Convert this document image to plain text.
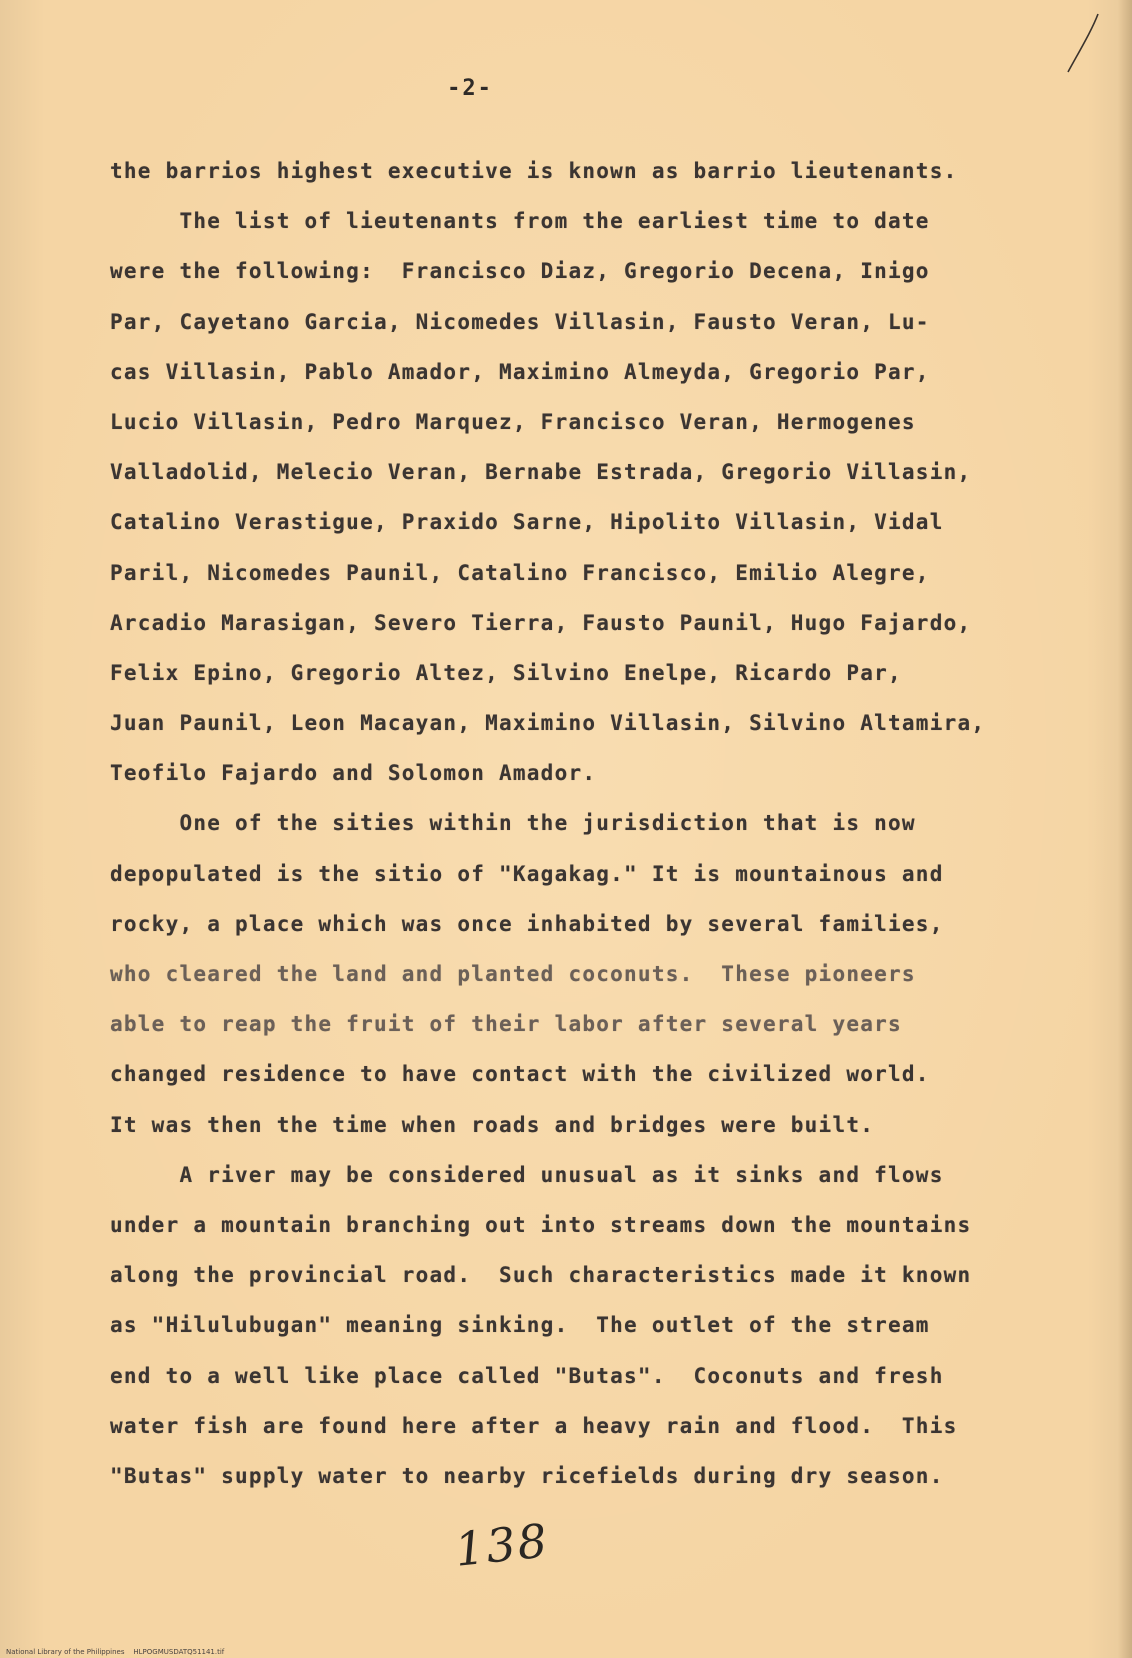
-2-
the barrios highest executive is known as barrio lieutenants.
The list of lieutenants from the earliest time to date
were the following:  Francisco Diaz, Gregorio Decena, Inigo
Par, Cayetano Garcia, Nicomedes Villasin, Fausto Veran, Lu-
cas Villasin, Pablo Amador, Maximino Almeyda, Gregorio Par,
Lucio Villasin, Pedro Marquez, Francisco Veran, Hermogenes
Valladolid, Melecio Veran, Bernabe Estrada, Gregorio Villasin,
Catalino Verastigue, Praxido Sarne, Hipolito Villasin, Vidal
Paril, Nicomedes Paunil, Catalino Francisco, Emilio Alegre,
Arcadio Marasigan, Severo Tierra, Fausto Paunil, Hugo Fajardo,
Felix Epino, Gregorio Altez, Silvino Enelpe, Ricardo Par,
Juan Paunil, Leon Macayan, Maximino Villasin, Silvino Altamira,
Teofilo Fajardo and Solomon Amador.
One of the sities within the jurisdiction that is now
depopulated is the sitio of "Kagakag." It is mountainous and
rocky, a place which was once inhabited by several families,
who cleared the land and planted coconuts.  These pioneers
able to reap the fruit of their labor after several years
changed residence to have contact with the civilized world.
It was then the time when roads and bridges were built.
A river may be considered unusual as it sinks and flows
under a mountain branching out into streams down the mountains
along the provincial road.  Such characteristics made it known
as "Hilulubugan" meaning sinking.  The outlet of the stream
end to a well like place called "Butas".  Coconuts and fresh
water fish are found here after a heavy rain and flood.  This
"Butas" supply water to nearby ricefields during dry season.
138
National Library of the Philippines    HLPOGMUSDATQ51141.tif
